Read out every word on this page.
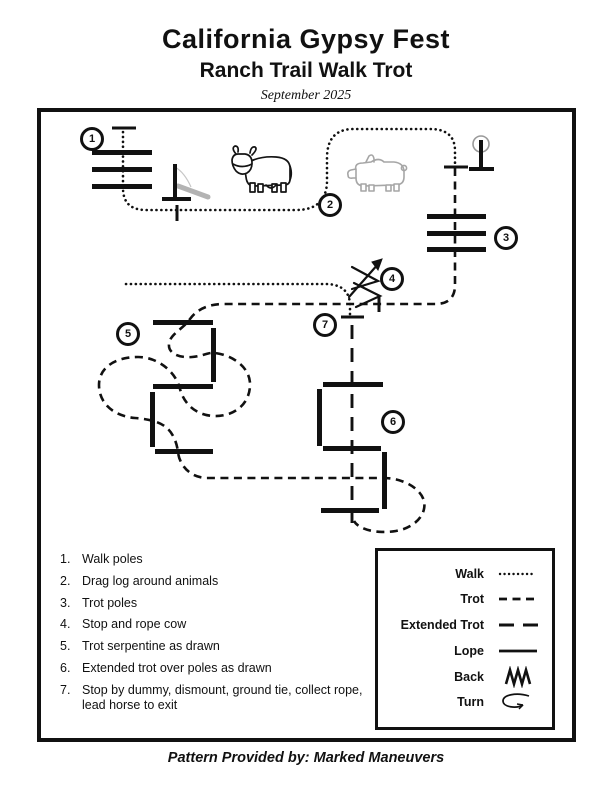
California Gypsy Fest
Ranch Trail Walk Trot
September 2025
1
2
3
4
5
6
7
1. Walk poles
2. Drag log around animals
3. Trot poles
4. Stop and rope cow
5. Trot serpentine as drawn
6. Extended trot over poles as drawn
7. Stop by dummy, dismount, ground tie, collect rope, lead horse to exit
Walk
Trot
Extended Trot
Lope
Back
Turn
Pattern Provided by: Marked Maneuvers
